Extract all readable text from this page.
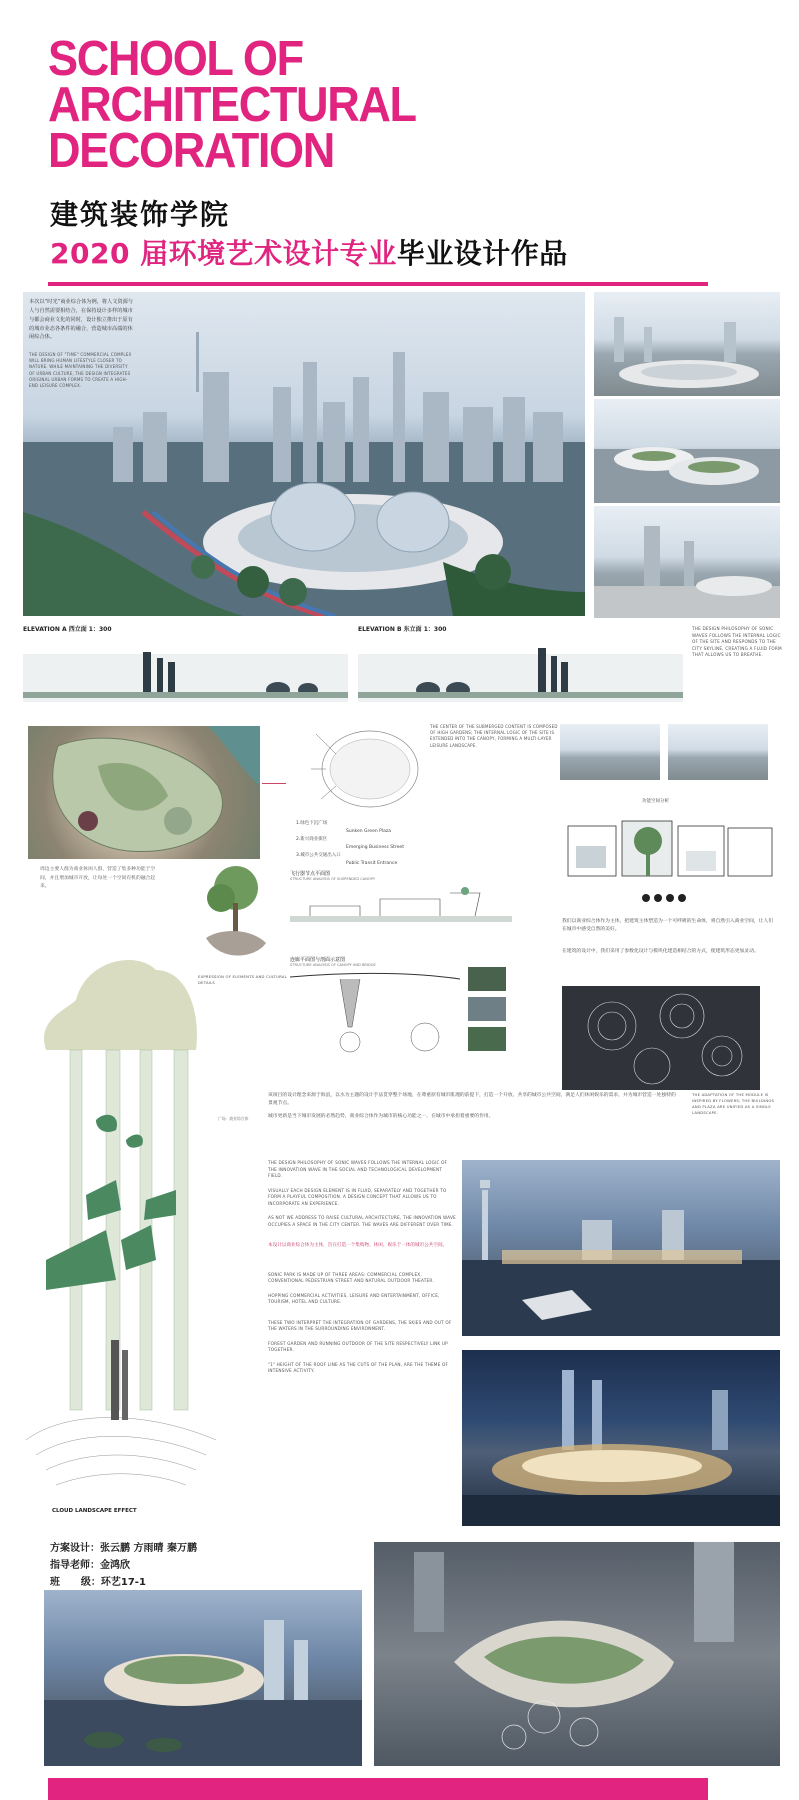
SCHOOL OF
ARCHITECTURAL
DECORATION
建筑装饰学院
2020 届环境艺术设计专业毕业设计作品
本次以“时光”商业综合体为例，将人文资源与人与自然需要相结合，在保持设计多样的城市与都会商业文化的同时，设计独立推出于原有的城市业态各条件的融合，营造城市高端的休闲综合体。
THE DESIGN OF "TIME" COMMERCIAL COMPLEX WILL BRING HUMAN LIFESTYLE CLOSER TO NATURE. WHILE MAINTAINING THE DIVERSITY OF URBAN CULTURE, THE DESIGN INTEGRATES ORIGINAL URBAN FORMS TO CREATE A HIGH-END LEISURE COMPLEX.
ELEVATION A 西立面 1：300	ELEVATION B 东立面 1：300	THE DESIGN PHILOSOPHY OF SONIC WAVES FOLLOWS THE INTERNAL LOGIC OF THE SITE AND RESPONDS TO THE CITY SKYLINE, CREATING A FLUID FORM THAT ALLOWS US TO BREATHE.
THE CENTER OF THE SUBMERGED CONTENT IS COMPOSED OF HIGH GARDENS; THE INTERNAL LOGIC OF THE SITE IS EXTENDED INTO THE CANOPY, FORMING A MULTI-LAYER LEISURE LANDSCAPE.
1.绿色下沉广场
Sunken Green Plaza
2.新兴商业街区
Emerging Business Street
3.城市公共交通出入口
Public Transit Entrance
功能空间分析
我们以商业综合体作为主体，把建筑主体塑造为一个可呼吸的生命体，将自然引入商业空间，让人们在城市中感受自然的美好。
在建筑的设计中，我们采用了参数化设计与模块化建造相结合的方式，使建筑形态更加灵动。
周边主要人群为商业休闲人群，营造了集多种功能于空间，并且增加城市开放，让每处一个空间有机的融合起来。
EXPRESSION OF ELEMENTS AND CULTURAL DETAILS
飞行器节点平面图
STRUCTURE ANALYSIS OF SUSPENDED CANOPY
连廊平面图与剖面示意图
STRUCTURE ANALYSIS OF CANOPY AND BRIDGE
广场：商业综合体
CLOUD LANDSCAPE EFFECT
THE ADAPTATION OF THE MODULE IS INSPIRED BY FLOWERS; THE BUILDINGS AND PLAZA ARE UNIFIED AS A SINGLE LANDSCAPE.
该项目的设计理念来源于海浪，以水为主题的设计手法贯穿整个场地，在尊重原有城市肌理的前提下，打造一个开放、共享的城市公共空间，满足人们休闲娱乐的需求，并为城市营造一处独特的景观节点。
城市更新是当下城市发展的必然趋势，商业综合体作为城市的核心功能之一，在城市中承担着重要的作用。
THE DESIGN PHILOSOPHY OF SONIC WAVES FOLLOWS THE INTERNAL LOGIC OF THE INNOVATION WAVE IN THE SOCIAL AND TECHNOLOGICAL DEVELOPMENT FIELD.
VISUALLY EACH DESIGN ELEMENT IS IN FLUID, SEPARATELY AND TOGETHER TO FORM A PLAYFUL COMPOSITION. A DESIGN CONCEPT THAT ALLOWS US TO INCORPORATE AN EXPERIENCE.
AS NOT WE ADDRESS TO RAISE CULTURAL ARCHITECTURE, THE INNOVATION WAVE OCCUPIES A SPACE IN THE CITY CENTER. THE WAVES ARE DIFFERENT OVER TIME.
本设计以商业综合体为主体，旨在打造一个集购物、休闲、娱乐于一体的城市公共空间。
SONIC PARK IS MADE UP OF THREE AREAS: COMMERCIAL COMPLEX, CONVENTIONAL PEDESTRIAN STREET AND NATURAL OUTDOOR THEATER.
HOPPING COMMERCIAL ACTIVITIES, LEISURE AND ENTERTAINMENT, OFFICE, TOURISM, HOTEL AND CULTURE.
THESE TWO INTERPRET THE INTEGRATION OF GARDENS, THE SKIES AND OUT OF THE WATERS IN THE SURROUNDING ENVIRONMENT.
FOREST GARDEN AND RUNNING OUTDOOR OF THE SITE RESPECTIVELY LINK UP TOGETHER.
"1" HEIGHT OF THE ROOF LINE AS THE CUTS OF THE PLAN, ARE THE THEME OF INTENSIVE ACTIVITY.
方案设计：张云鹏 方雨晴 秦万鹏
指导老师：金鸿欣
班      级：环艺17-1
